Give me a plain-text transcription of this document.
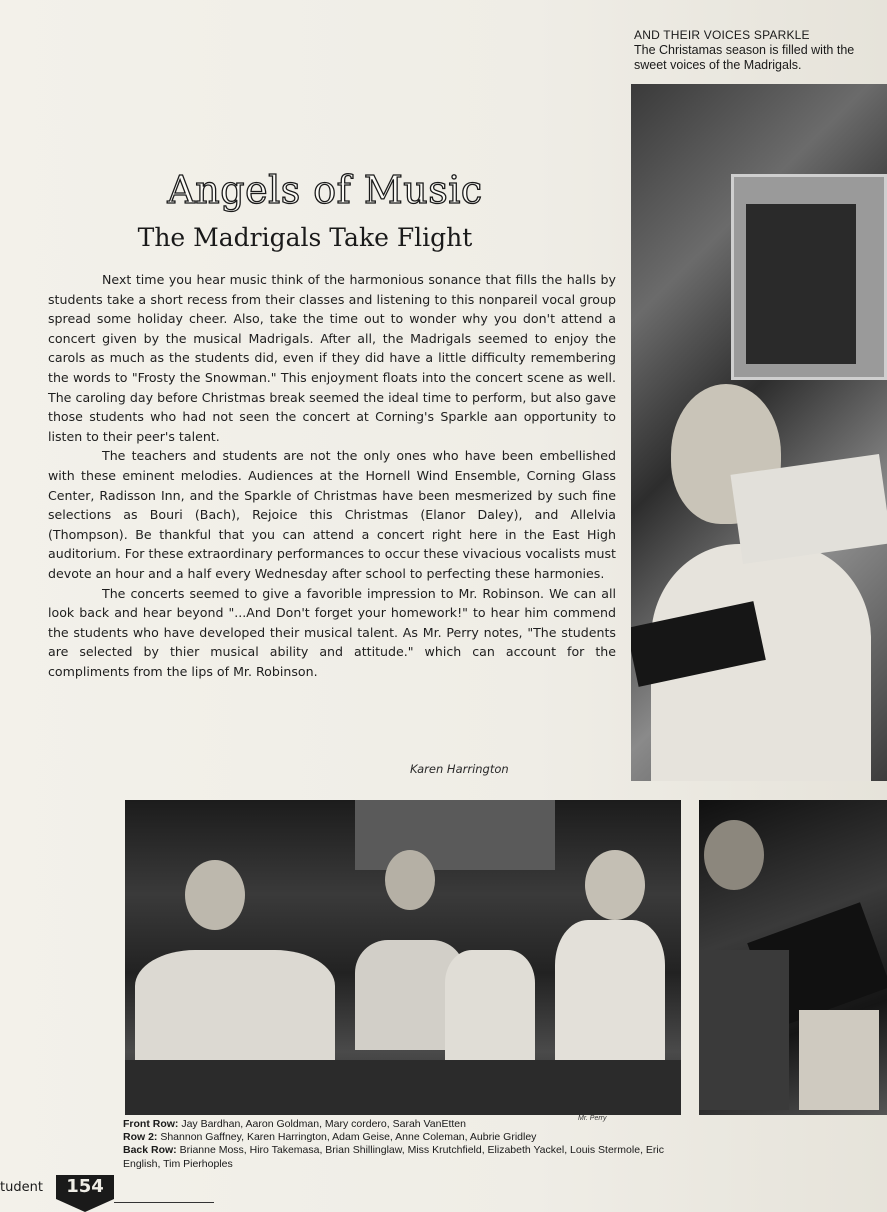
AND THEIR VOICES SPARKLE
The Christamas season is filled with the sweet voices of the Madrigals.
Angels of Music
The Madrigals Take Flight

Next time you hear music think of the harmonious sonance that fills the halls by students take a short recess from their classes and listening to this nonpareil vocal group spread some holiday cheer. Also, take the time out to wonder why you don't attend a concert given by the musical Madrigals. After all, the Madrigals seemed to enjoy the carols as much as the students did, even if they did have a little difficulty remembering the words to "Frosty the Snowman." This enjoyment floats into the concert scene as well. The caroling day before Christmas break seemed the ideal time to perform, but also gave those students who had not seen the concert at Corning's Sparkle aan opportunity to listen to their peer's talent.

The teachers and students are not the only ones who have been embellished with these eminent melodies. Audiences at the Hornell Wind Ensemble, Corning Glass Center, Radisson Inn, and the Sparkle of Christmas have been mesmerized by such fine selections as Bouri (Bach), Rejoice this Christmas (Elanor Daley), and Allelvia (Thompson). Be thankful that you can attend a concert right here in the East High auditorium. For these extraordinary performances to occur these vivacious vocalists must devote an hour and a half every Wednesday after school to perfecting these harmonies.

The concerts seemed to give a favorible impression to Mr. Robinson. We can all look back and hear beyond "...And Don't forget your homework!" to hear him commend the students who have developed their musical talent. As Mr. Perry notes, "The students are selected by thier musical ability and attitude." which can account for the compliments from the lips of Mr. Robinson.

Karen Harrington
Mr. Perry
Front Row: Jay Bardhan, Aaron Goldman, Mary cordero, Sarah VanEtten
Row 2: Shannon Gaffney, Karen Harrington, Adam Geise, Anne Coleman, Aubrie Gridley
Back Row: Brianne Moss, Hiro Takemasa, Brian Shillinglaw, Miss Krutchfield, Elizabeth Yackel, Louis Stermole, Eric English, Tim Pierhoples
tudent	154
